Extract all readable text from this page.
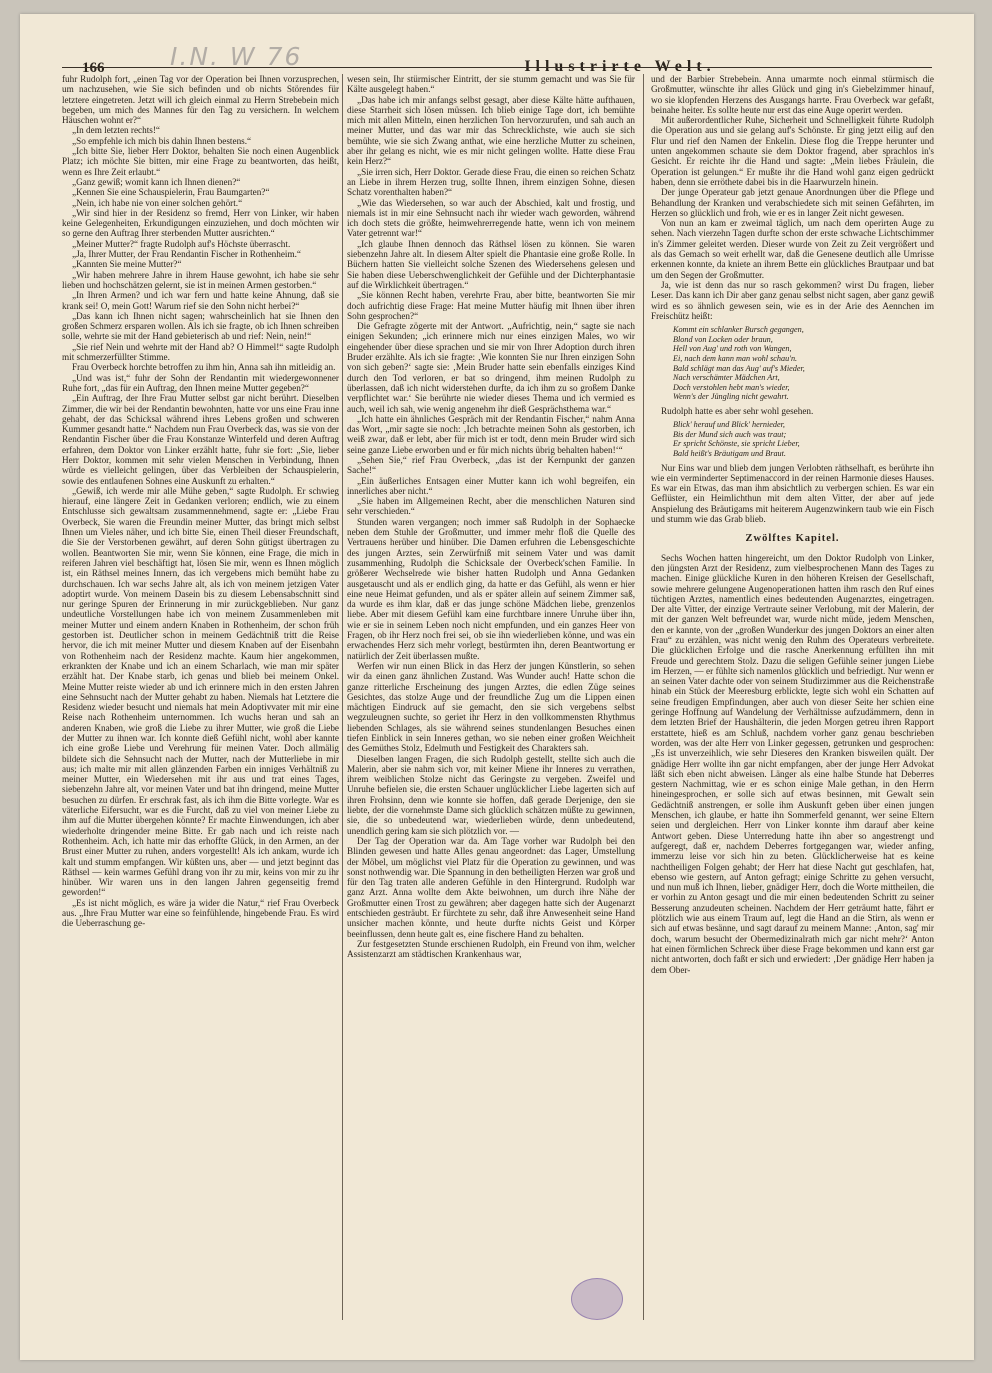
166	I.N. W 76	Illustrirte Welt.

fuhr Rudolph fort, „einen Tag vor der Operation bei Ihnen vorzusprechen, um nachzusehen, wie Sie sich befinden und ob nichts Störendes für letztere eingetreten. Jetzt will ich gleich einmal zu Herrn Strebebein mich begeben, um mich des Mannes für den Tag zu versichern. In welchem Häuschen wohnt er?“

„In dem letzten rechts!“

„So empfehle ich mich bis dahin Ihnen bestens.“

„Ich bitte Sie, lieber Herr Doktor, behalten Sie noch einen Augenblick Platz; ich möchte Sie bitten, mir eine Frage zu beantworten, das heißt, wenn es Ihre Zeit erlaubt.“

„Ganz gewiß; womit kann ich Ihnen dienen?“

„Kennen Sie eine Schauspielerin, Frau Baumgarten?“

„Nein, ich habe nie von einer solchen gehört.“

„Wir sind hier in der Residenz so fremd, Herr von Linker, wir haben keine Gelegenheiten, Erkundigungen einzuziehen, und doch möchten wir so gerne den Auftrag Ihrer sterbenden Mutter ausrichten.“

„Meiner Mutter?“ fragte Rudolph auf's Höchste überrascht.

„Ja, Ihrer Mutter, der Frau Rendantin Fischer in Rothenheim.“

„Kannten Sie meine Mutter?“

„Wir haben mehrere Jahre in ihrem Hause gewohnt, ich habe sie sehr lieben und hochschätzen gelernt, sie ist in meinen Armen gestorben.“

„In Ihren Armen? und ich war fern und hatte keine Ahnung, daß sie krank sei! O, mein Gott! Warum rief sie den Sohn nicht herbei?“

„Das kann ich Ihnen nicht sagen; wahrscheinlich hat sie Ihnen den großen Schmerz ersparen wollen. Als ich sie fragte, ob ich Ihnen schreiben solle, wehrte sie mit der Hand gebieterisch ab und rief: Nein, nein!“

„Sie rief Nein und wehrte mit der Hand ab? O Himmel!“ sagte Rudolph mit schmerzerfüllter Stimme.

Frau Overbeck horchte betroffen zu ihm hin, Anna sah ihn mitleidig an.

„Und was ist,“ fuhr der Sohn der Rendantin mit wiedergewonnener Ruhe fort, „das für ein Auftrag, den Ihnen meine Mutter gegeben?“

„Ein Auftrag, der Ihre Frau Mutter selbst gar nicht berührt. Dieselben Zimmer, die wir bei der Rendantin bewohnten, hatte vor uns eine Frau inne gehabt, der das Schicksal während ihres Lebens großen und schweren Kummer gesandt hatte.“ Nachdem nun Frau Overbeck das, was sie von der Rendantin Fischer über die Frau Konstanze Winterfeld und deren Auftrag erfahren, dem Doktor von Linker erzählt hatte, fuhr sie fort: „Sie, lieber Herr Doktor, kommen mit sehr vielen Menschen in Verbindung, Ihnen würde es vielleicht gelingen, über das Verbleiben der Schauspielerin, sowie des entlaufenen Sohnes eine Auskunft zu erhalten.“

„Gewiß, ich werde mir alle Mühe geben,“ sagte Rudolph. Er schwieg hierauf, eine längere Zeit in Gedanken verloren; endlich, wie zu einem Entschlusse sich gewaltsam zusammennehmend, sagte er: „Liebe Frau Overbeck, Sie waren die Freundin meiner Mutter, das bringt mich selbst Ihnen um Vieles näher, und ich bitte Sie, einen Theil dieser Freundschaft, die Sie der Verstorbenen gewährt, auf deren Sohn gütigst übertragen zu wollen. Beantworten Sie mir, wenn Sie können, eine Frage, die mich in reiferen Jahren viel beschäftigt hat, lösen Sie mir, wenn es Ihnen möglich ist, ein Räthsel meines Innern, das ich vergebens mich bemüht habe zu durchschauen. Ich war sechs Jahre alt, als ich von meinem jetzigen Vater adoptirt wurde. Von meinem Dasein bis zu diesem Lebensabschnitt sind nur geringe Spuren der Erinnerung in mir zurückgeblieben. Nur ganz undeutliche Vorstellungen habe ich von meinem Zusammenleben mit meiner Mutter und einem andern Knaben in Rothenheim, der schon früh gestorben ist. Deutlicher schon in meinem Gedächtniß tritt die Reise hervor, die ich mit meiner Mutter und diesem Knaben auf der Eisenbahn von Rothenheim nach der Residenz machte. Kaum hier angekommen, erkrankten der Knabe und ich an einem Scharlach, wie man mir später erzählt hat. Der Knabe starb, ich genas und blieb bei meinem Onkel. Meine Mutter reiste wieder ab und ich erinnere mich in den ersten Jahren eine Sehnsucht nach der Mutter gehabt zu haben. Niemals hat Letztere die Residenz wieder besucht und niemals hat mein Adoptivvater mit mir eine Reise nach Rothenheim unternommen. Ich wuchs heran und sah an anderen Knaben, wie groß die Liebe zu ihrer Mutter, wie groß die Liebe der Mutter zu ihnen war. Ich konnte dieß Gefühl nicht, wohl aber kannte ich eine große Liebe und Verehrung für meinen Vater. Doch allmälig bildete sich die Sehnsucht nach der Mutter, nach der Mutterliebe in mir aus; ich malte mir mit allen glänzenden Farben ein inniges Verhältniß zu meiner Mutter, ein Wiedersehen mit ihr aus und trat eines Tages, siebenzehn Jahre alt, vor meinen Vater und bat ihn dringend, meine Mutter besuchen zu dürfen. Er erschrak fast, als ich ihm die Bitte vorlegte. War es väterliche Eifersucht, war es die Furcht, daß zu viel von meiner Liebe zu ihm auf die Mutter übergehen könnte? Er machte Einwendungen, ich aber wiederholte dringender meine Bitte. Er gab nach und ich reiste nach Rothenheim. Ach, ich hatte mir das erhoffte Glück, in den Armen, an der Brust einer Mutter zu ruhen, anders vorgestellt! Als ich ankam, wurde ich kalt und stumm empfangen. Wir küßten uns, aber — und jetzt beginnt das Räthsel — kein warmes Gefühl drang von ihr zu mir, keins von mir zu ihr hinüber. Wir waren uns in den langen Jahren gegenseitig fremd geworden!“

„Es ist nicht möglich, es wäre ja wider die Natur,“ rief Frau Overbeck aus. „Ihre Frau Mutter war eine so feinfühlende, hingebende Frau. Es wird die Ueberraschung ge-

wesen sein, Ihr stürmischer Eintritt, der sie stumm gemacht und was Sie für Kälte ausgelegt haben.“

„Das habe ich mir anfangs selbst gesagt, aber diese Kälte hätte aufthauen, diese Starrheit sich lösen müssen. Ich blieb einige Tage dort, ich bemühte mich mit allen Mitteln, einen herzlichen Ton hervorzurufen, und sah auch an meiner Mutter, und das war mir das Schrecklichste, wie auch sie sich bemühte, wie sie sich Zwang anthat, wie eine herzliche Mutter zu scheinen, aber ihr gelang es nicht, wie es mir nicht gelingen wollte. Hatte diese Frau kein Herz?“

„Sie irren sich, Herr Doktor. Gerade diese Frau, die einen so reichen Schatz an Liebe in ihrem Herzen trug, sollte Ihnen, ihrem einzigen Sohne, diesen Schatz vorenthalten haben?“

„Wie das Wiedersehen, so war auch der Abschied, kalt und frostig, und niemals ist in mir eine Sehnsucht nach ihr wieder wach geworden, während ich doch stets die größte, heimwehrerregende hatte, wenn ich von meinem Vater getrennt war!“

„Ich glaube Ihnen dennoch das Räthsel lösen zu können. Sie waren siebenzehn Jahre alt. In diesem Alter spielt die Phantasie eine große Rolle. In Büchern hatten Sie vielleicht solche Szenen des Wiedersehens gelesen und Sie haben diese Ueberschwenglichkeit der Gefühle und der Dichterphantasie auf die Wirklichkeit übertragen.“

„Sie können Recht haben, verehrte Frau, aber bitte, beantworten Sie mir doch aufrichtig diese Frage: Hat meine Mutter häufig mit Ihnen über ihren Sohn gesprochen?“

Die Gefragte zögerte mit der Antwort. „Aufrichtig, nein,“ sagte sie nach einigen Sekunden; „ich erinnere mich nur eines einzigen Males, wo wir eingehender über diese sprachen und sie mir von Ihrer Adoption durch ihren Bruder erzählte. Als ich sie fragte: ‚Wie konnten Sie nur Ihren einzigen Sohn von sich geben?‘ sagte sie: ‚Mein Bruder hatte sein ebenfalls einziges Kind durch den Tod verloren, er bat so dringend, ihm meinen Rudolph zu überlassen, daß ich nicht widerstehen durfte, da ich ihm zu so großem Danke verpflichtet war.‘ Sie berührte nie wieder dieses Thema und ich vermied es auch, weil ich sah, wie wenig angenehm ihr dieß Gesprächsthema war.“

„Ich hatte ein ähnliches Gespräch mit der Rendantin Fischer,“ nahm Anna das Wort, „mir sagte sie noch: ‚Ich betrachte meinen Sohn als gestorben, ich weiß zwar, daß er lebt, aber für mich ist er todt, denn mein Bruder wird sich seine ganze Liebe erworben und er für mich nichts übrig behalten haben!‘“

„Sehen Sie,“ rief Frau Overbeck, „das ist der Kernpunkt der ganzen Sache!“

„Ein äußerliches Entsagen einer Mutter kann ich wohl begreifen, ein innerliches aber nicht.“

„Sie haben im Allgemeinen Recht, aber die menschlichen Naturen sind sehr verschieden.“

Stunden waren vergangen; noch immer saß Rudolph in der Sophaecke neben dem Stuhle der Großmutter, und immer mehr floß die Quelle des Vertrauens herüber und hinüber. Die Damen erfuhren die Lebensgeschichte des jungen Arztes, sein Zerwürfniß mit seinem Vater und was damit zusammenhing, Rudolph die Schicksale der Overbeck'schen Familie. In größerer Wechselrede wie bisher hatten Rudolph und Anna Gedanken ausgetauscht und als er endlich ging, da hatte er das Gefühl, als wenn er hier eine neue Heimat gefunden, und als er später allein auf seinem Zimmer saß, da wurde es ihm klar, daß er das junge schöne Mädchen liebe, grenzenlos liebe. Aber mit diesem Gefühl kam eine furchtbare innere Unruhe über ihn, wie er sie in seinem Leben noch nicht empfunden, und ein ganzes Heer von Fragen, ob ihr Herz noch frei sei, ob sie ihn wiederlieben könne, und was ein erwachendes Herz sich mehr vorlegt, bestürmten ihn, deren Beantwortung er natürlich der Zeit überlassen mußte.

Werfen wir nun einen Blick in das Herz der jungen Künstlerin, so sehen wir da einen ganz ähnlichen Zustand. Was Wunder auch! Hatte schon die ganze ritterliche Erscheinung des jungen Arztes, die edlen Züge seines Gesichtes, das stolze Auge und der freundliche Zug um die Lippen einen mächtigen Eindruck auf sie gemacht, den sie sich vergebens selbst wegzuleugnen suchte, so geriet ihr Herz in den vollkommensten Rhythmus liebenden Schlages, als sie während seines stundenlangen Besuches einen tiefen Einblick in sein Inneres gethan, wo sie neben einer großen Weichheit des Gemüthes Stolz, Edelmuth und Festigkeit des Charakters sah.

Dieselben langen Fragen, die sich Rudolph gestellt, stellte sich auch die Malerin, aber sie nahm sich vor, mit keiner Miene ihr Inneres zu verrathen, ihrem weiblichen Stolze nicht das Geringste zu vergeben. Zweifel und Unruhe befielen sie, die ersten Schauer unglücklicher Liebe lagerten sich auf ihren Frohsinn, denn wie konnte sie hoffen, daß gerade Derjenige, den sie liebte, der die vornehmste Dame sich glücklich schätzen müßte zu gewinnen, sie, die so unbedeutend war, wiederlieben würde, denn unbedeutend, unendlich gering kam sie sich plötzlich vor. —

Der Tag der Operation war da. Am Tage vorher war Rudolph bei den Blinden gewesen und hatte Alles genau angeordnet: das Lager, Umstellung der Möbel, um möglichst viel Platz für die Operation zu gewinnen, und was sonst nothwendig war. Die Spannung in den betheiligten Herzen war groß und für den Tag traten alle anderen Gefühle in den Hintergrund. Rudolph war ganz Arzt. Anna wollte dem Akte beiwohnen, um durch ihre Nähe der Großmutter einen Trost zu gewähren; aber dagegen hatte sich der Augenarzt entschieden gesträubt. Er fürchtete zu sehr, daß ihre Anwesenheit seine Hand unsicher machen könnte, und heute durfte nichts Geist und Körper beeinflussen, denn heute galt es, eine fischere Hand zu behalten.

Zur festgesetzten Stunde erschienen Rudolph, ein Freund von ihm, welcher Assistenzarzt am städtischen Krankenhaus war,

und der Barbier Strebebein. Anna umarmte noch einmal stürmisch die Großmutter, wünschte ihr alles Glück und ging in's Giebelzimmer hinauf, wo sie klopfenden Herzens des Ausgangs harrte. Frau Overbeck war gefaßt, beinahe heiter. Es sollte heute nur erst das eine Auge operirt werden.

Mit außerordentlicher Ruhe, Sicherheit und Schnelligkeit führte Rudolph die Operation aus und sie gelang auf's Schönste. Er ging jetzt eilig auf den Flur und rief den Namen der Enkelin. Diese flog die Treppe herunter und unten angekommen schaute sie dem Doktor fragend, aber sprachlos in's Gesicht. Er reichte ihr die Hand und sagte: „Mein liebes Fräulein, die Operation ist gelungen.“ Er mußte ihr die Hand wohl ganz eigen gedrückt haben, denn sie erröthete dabei bis in die Haarwurzeln hinein.

Der junge Operateur gab jetzt genaue Anordnungen über die Pflege und Behandlung der Kranken und verabschiedete sich mit seinen Gefährten, im Herzen so glücklich und froh, wie er es in langer Zeit nicht gewesen.

Von nun an kam er zweimal täglich, um nach dem operirten Auge zu sehen. Nach vierzehn Tagen durfte schon der erste schwache Lichtschimmer in's Zimmer geleitet werden. Dieser wurde von Zeit zu Zeit vergrößert und als das Gemach so weit erhellt war, daß die Genesene deutlich alle Umrisse erkennen konnte, da kniete an ihrem Bette ein glückliches Brautpaar und bat um den Segen der Großmutter.

Ja, wie ist denn das nur so rasch gekommen? wirst Du fragen, lieber Leser. Das kann ich Dir aber ganz genau selbst nicht sagen, aber ganz gewiß wird es so ähnlich gewesen sein, wie es in der Arie des Aennchen im Freischütz heißt:

Kommt ein schlanker Bursch gegangen,
Blond von Locken oder braun,
Hell von Aug' und roth von Wangen,
Ei, nach dem kann man wohl schau'n.
Bald schlägt man das Aug' auf's Mieder,
Nach verschämter Mädchen Art,
Doch verstohlen hebt man's wieder,
Wenn's der Jüngling nicht gewahrt.

Rudolph hatte es aber sehr wohl gesehen.

Blick' herauf und Blick' hernieder,
Bis der Mund sich auch was traut;
Er spricht Schönste, sie spricht Lieber,
Bald heißt's Bräutigam und Braut.

Nur Eins war und blieb dem jungen Verlobten räthselhaft, es berührte ihn wie ein verminderter Septimenaccord in der reinen Harmonie dieses Hauses. Es war ein Etwas, das man ihm absichtlich zu verbergen schien. Es war ein Geflüster, ein Heimlichthun mit dem alten Vitter, der aber auf jede Anspielung des Bräutigams mit heiterem Augenzwinkern taub wie ein Fisch und stumm wie das Grab blieb.

Zwölftes Kapitel.

Sechs Wochen hatten hingereicht, um den Doktor Rudolph von Linker, den jüngsten Arzt der Residenz, zum vielbesprochenen Mann des Tages zu machen. Einige glückliche Kuren in den höheren Kreisen der Gesellschaft, sowie mehrere gelungene Augenoperationen hatten ihm rasch den Ruf eines tüchtigen Arztes, namentlich eines bedeutenden Augenarztes, eingetragen. Der alte Vitter, der einzige Vertraute seiner Verlobung, mit der Malerin, der mit der ganzen Welt befreundet war, wurde nicht müde, jedem Menschen, den er kannte, von der „großen Wunderkur des jungen Doktors an einer alten Frau“ zu erzählen, was nicht wenig den Ruhm des Operateurs verbreitete. Die glücklichen Erfolge und die rasche Anerkennung erfüllten ihn mit Freude und gerechtem Stolz. Dazu die seligen Gefühle seiner jungen Liebe im Herzen, — er fühlte sich namenlos glücklich und befriedigt. Nur wenn er an seinen Vater dachte oder von seinem Studirzimmer aus die Reichenstraße hinab ein Stück der Meeresburg erblickte, legte sich wohl ein Schatten auf seine freudigen Empfindungen, aber auch von dieser Seite her schien eine geringe Hoffnung auf Wandelung der Verhältnisse aufzudämmern, denn in dem letzten Brief der Haushälterin, die jeden Morgen getreu ihren Rapport erstattete, hieß es am Schluß, nachdem vorher ganz genau beschrieben worden, was der alte Herr von Linker gegessen, getrunken und gesprochen: „Es ist unverzeihlich, wie sehr Dieseres den Kranken bisweilen quält. Der gnädige Herr wollte ihn gar nicht empfangen, aber der junge Herr Advokat läßt sich eben nicht abweisen. Länger als eine halbe Stunde hat Deberres gestern Nachmittag, wie er es schon einige Male gethan, in den Herrn hineingesprochen, er solle sich auf etwas besinnen, mit Gewalt sein Gedächtniß anstrengen, er solle ihm Auskunft geben über einen jungen Menschen, ich glaube, er hatte ihn Sommerfeld genannt, wer seine Eltern seien und dergleichen. Herr von Linker konnte ihm darauf aber keine Antwort geben. Diese Unterredung hatte ihn aber so angestrengt und aufgeregt, daß er, nachdem Deberres fortgegangen war, wieder anfing, immerzu leise vor sich hin zu beten. Glücklicherweise hat es keine nachtheiligen Folgen gehabt; der Herr hat diese Nacht gut geschlafen, hat, ebenso wie gestern, auf Anton gefragt; einige Schritte zu gehen versucht, und nun muß ich Ihnen, lieber, gnädiger Herr, doch die Worte mittheilen, die er vorhin zu Anton gesagt und die mir einen bedeutenden Schritt zu seiner Besserung anzudeuten scheinen. Nachdem der Herr geträumt hatte, fährt er plötzlich wie aus einem Traum auf, legt die Hand an die Stirn, als wenn er sich auf etwas besänne, und sagt darauf zu meinem Manne: ‚Anton, sag' mir doch, warum besucht der Obermedizinalrath mich gar nicht mehr?‘ Anton hat einen förmlichen Schreck über diese Frage bekommen und kann erst gar nicht antworten, doch faßt er sich und erwiedert: ‚Der gnädige Herr haben ja dem Ober-
